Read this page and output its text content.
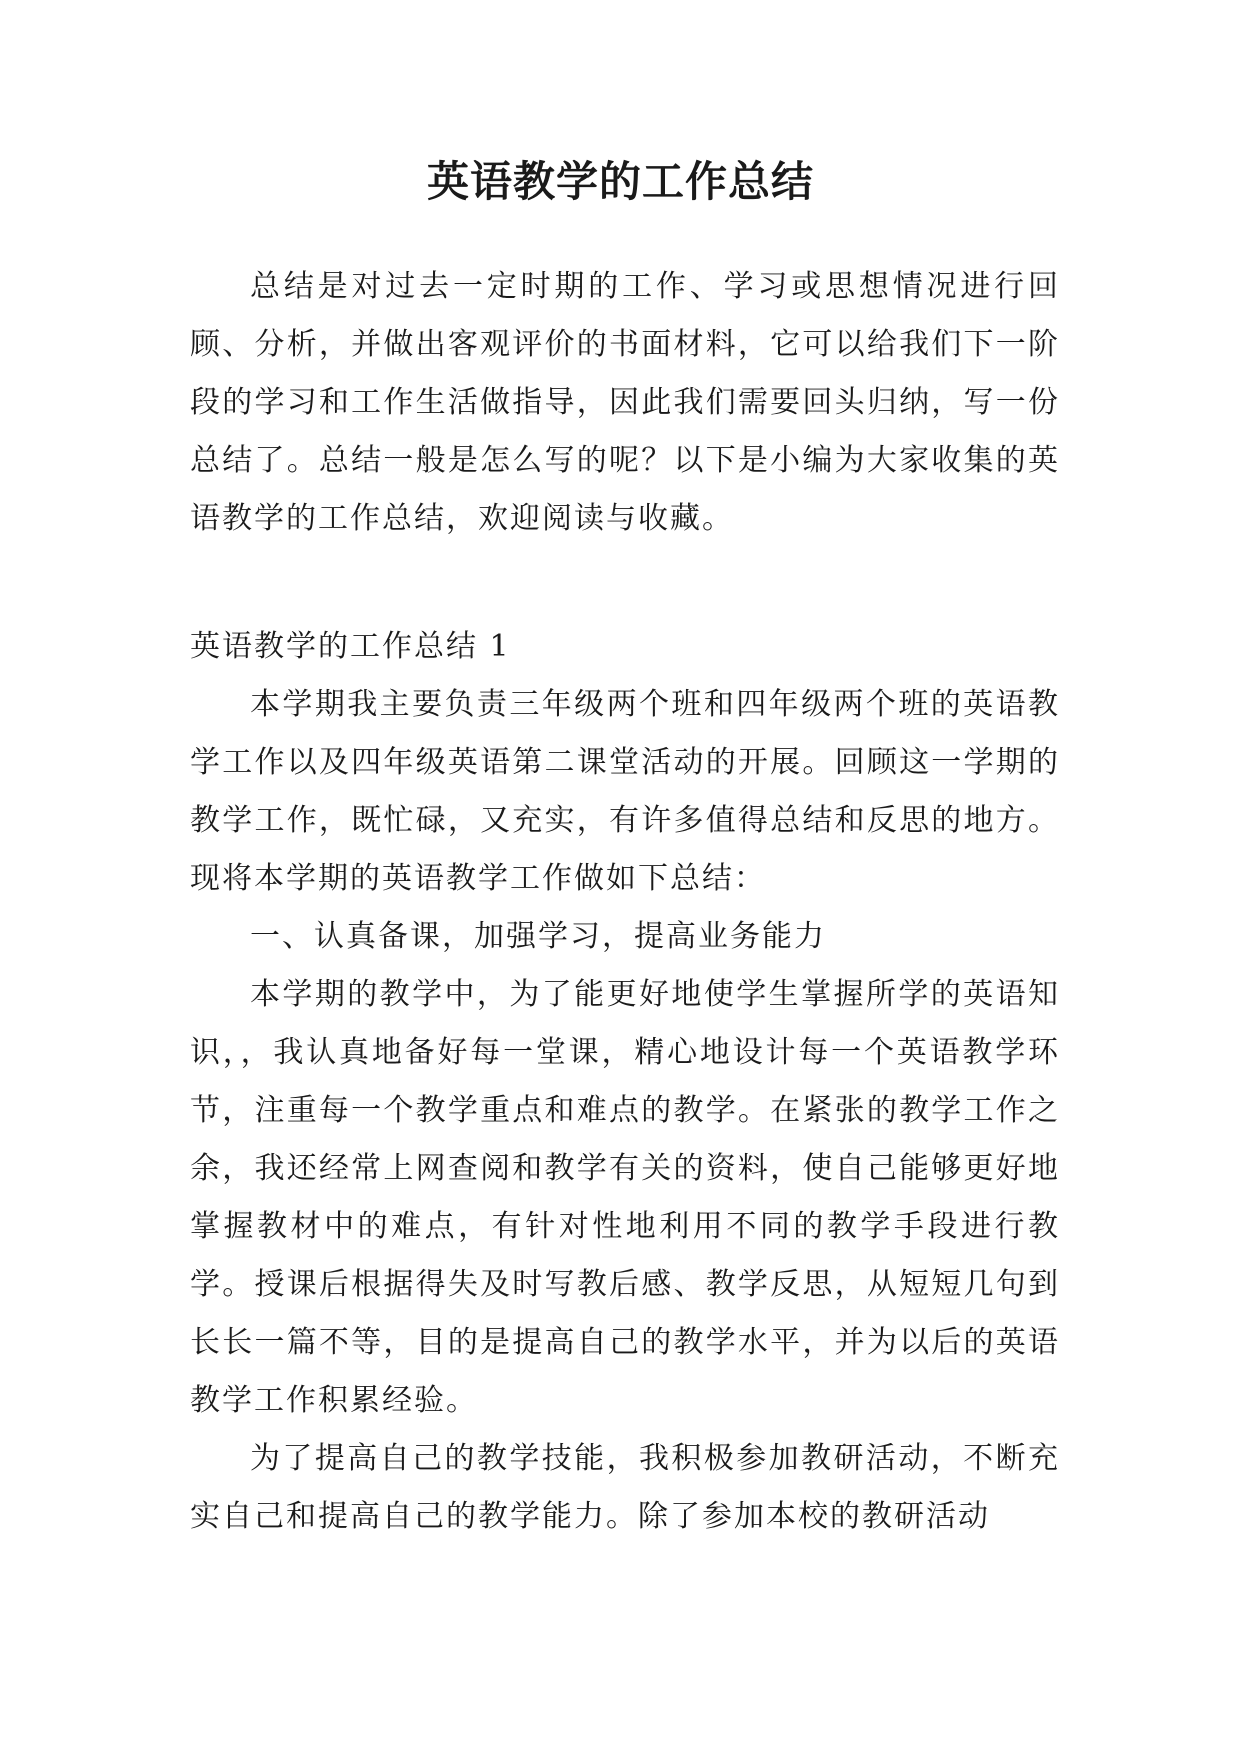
英语教学的工作总结

总结是对过去一定时期的工作、学习或思想情况进行回顾、分析，并做出客观评价的书面材料，它可以给我们下一阶段的学习和工作生活做指导，因此我们需要回头归纳，写一份总结了。总结一般是怎么写的呢？以下是小编为大家收集的英语教学的工作总结，欢迎阅读与收藏。

英语教学的工作总结 1

本学期我主要负责三年级两个班和四年级两个班的英语教学工作以及四年级英语第二课堂活动的开展。回顾这一学期的教学工作，既忙碌，又充实，有许多值得总结和反思的地方。现将本学期的英语教学工作做如下总结：

一、认真备课，加强学习，提高业务能力

本学期的教学中，为了能更好地使学生掌握所学的英语知识，，我认真地备好每一堂课，精心地设计每一个英语教学环节，注重每一个教学重点和难点的教学。在紧张的教学工作之余，我还经常上网查阅和教学有关的资料，使自己能够更好地掌握教材中的难点，有针对性地利用不同的教学手段进行教学。授课后根据得失及时写教后感、教学反思，从短短几句到长长一篇不等，目的是提高自己的教学水平，并为以后的英语教学工作积累经验。

为了提高自己的教学技能，我积极参加教研活动，不断充实自己和提高自己的教学能力。除了参加本校的教研活动
